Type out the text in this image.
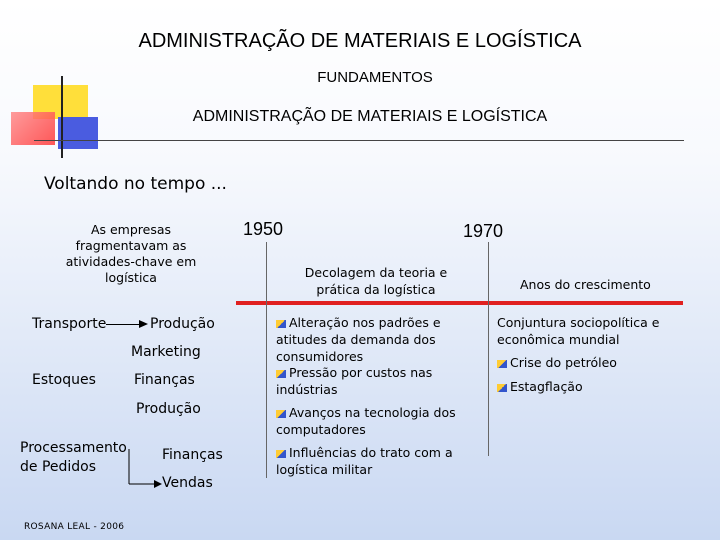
ADMINISTRAÇÃO DE MATERIAIS E LOGÍSTICA
FUNDAMENTOS
ADMINISTRAÇÃO DE MATERIAIS E LOGÍSTICA
Voltando no tempo ...
As empresas fragmentavam as atividades-chave em logística
Transporte	Produção
Marketing
Estoques	Finanças
Produção
Processamento de Pedidos
Finanças
Vendas
1950	1970
Decolagem da teoria e prática da logística	Anos do crescimento
Alteração nos padrões e atitudes da demanda dos consumidores
Pressão por custos nas indústrias
Avanços na tecnologia dos computadores
Influências do trato com a logística militar
Conjuntura sociopolítica e econômica mundial
Crise do petróleo
Estagflação
ROSANA LEAL - 2006
